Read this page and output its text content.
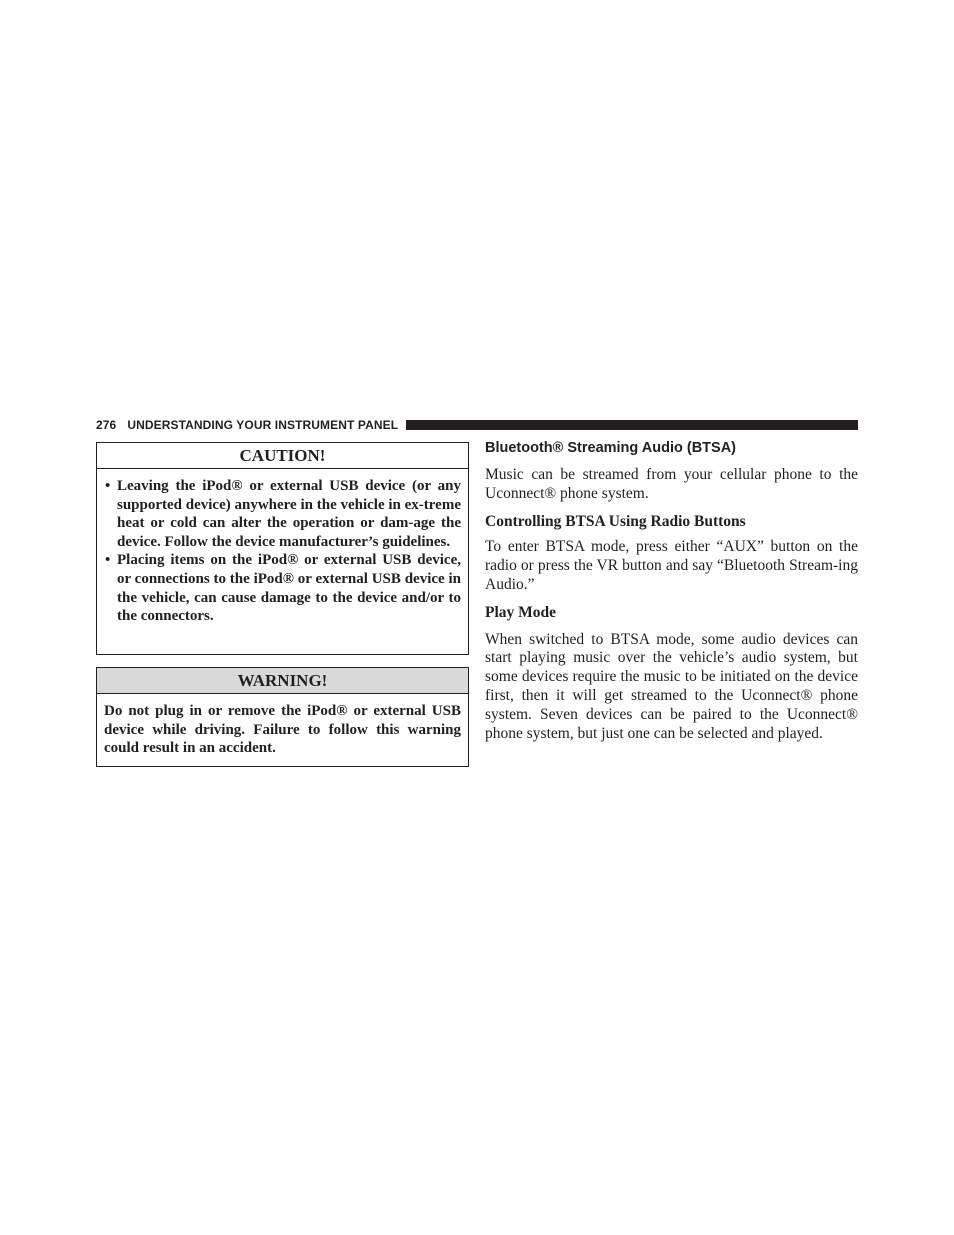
276 UNDERSTANDING YOUR INSTRUMENT PANEL
CAUTION!
• Leaving the iPod® or external USB device (or any supported device) anywhere in the vehicle in ex-treme heat or cold can alter the operation or dam-age the device. Follow the device manufacturer’s guidelines.
• Placing items on the iPod® or external USB device, or connections to the iPod® or external USB device in the vehicle, can cause damage to the device and/or to the connectors.
WARNING!
Do not plug in or remove the iPod® or external USB device while driving. Failure to follow this warning could result in an accident.
Bluetooth® Streaming Audio (BTSA)

Music can be streamed from your cellular phone to the Uconnect® phone system.

Controlling BTSA Using Radio Buttons

To enter BTSA mode, press either “AUX” button on the radio or press the VR button and say “Bluetooth Stream-ing Audio.”

Play Mode

When switched to BTSA mode, some audio devices can start playing music over the vehicle’s audio system, but some devices require the music to be initiated on the device first, then it will get streamed to the Uconnect® phone system. Seven devices can be paired to the Uconnect® phone system, but just one can be selected and played.
